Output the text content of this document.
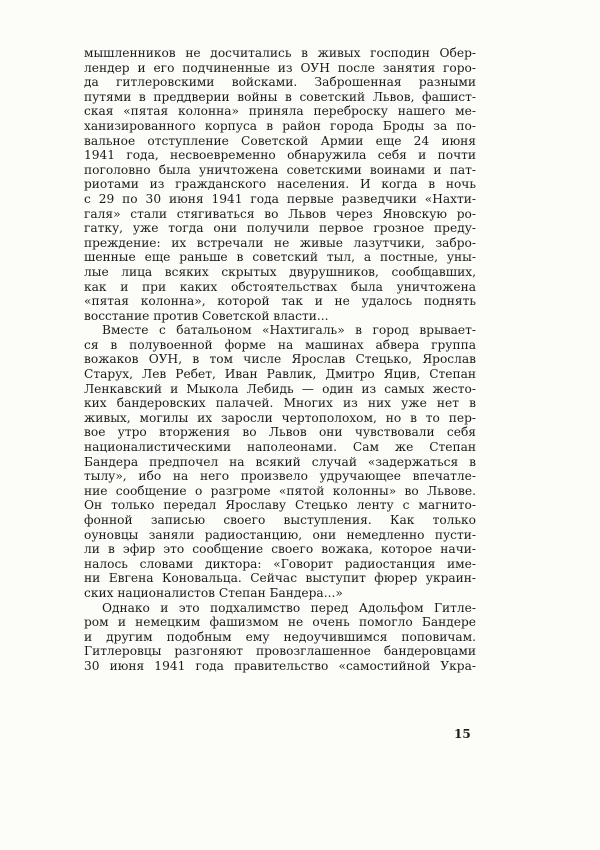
мышленников не досчитались в живых господин Обер-
лендер и его подчиненные из ОУН после занятия горо-
да гитлеровскими войсками. Заброшенная разными
путями в преддверии войны в советский Львов, фашист-
ская «пятая колонна» приняла переброску нашего ме-
ханизированного корпуса в район города Броды за по-
вальное отступление Советской Армии еще 24 июня
1941 года, несвоевременно обнаружила себя и почти
поголовно была уничтожена советскими воинами и пат-
риотами из гражданского населения. И когда в ночь
с 29 по 30 июня 1941 года первые разведчики «Нахти-
галя» стали стягиваться во Львов через Яновскую ро-
гатку, уже тогда они получили первое грозное преду-
преждение: их встречали не живые лазутчики, забро-
шенные еще раньше в советский тыл, а постные, уны-
лые лица всяких скрытых двурушников, сообщавших,
как и при каких обстоятельствах была уничтожена
«пятая колонна», которой так и не удалось поднять
восстание против Советской власти...
Вместе с батальоном «Нахтигаль» в город врывает-
ся в полувоенной форме на машинах абвера группа
вожаков ОУН, в том числе Ярослав Стецько, Ярослав
Старух, Лев Ребет, Иван Равлик, Дмитро Яцив, Степан
Ленкавский и Мыкола Лебидь — один из самых жесто-
ких бандеровских палачей. Многих из них уже нет в
живых, могилы их заросли чертополохом, но в то пер-
вое утро вторжения во Львов они чувствовали себя
националистическими наполеонами. Сам же Степан
Бандера предпочел на всякий случай «задержаться в
тылу», ибо на него произвело удручающее впечатле-
ние сообщение о разгроме «пятой колонны» во Львове.
Он только передал Ярославу Стецько ленту с магнито-
фонной записью своего выступления. Как только
оуновцы заняли радиостанцию, они немедленно пусти-
ли в эфир это сообщение своего вожака, которое начи-
налось словами диктора: «Говорит радиостанция име-
ни Евгена Коновальца. Сейчас выступит фюрер украин-
ских националистов Степан Бандера...»
Однако и это подхалимство перед Адольфом Гитле-
ром и немецким фашизмом не очень помогло Бандере
и другим подобным ему недоучившимся поповичам.
Гитлеровцы разгоняют провозглашенное бандеровцами
30 июня 1941 года правительство «самостийной Укра-
15
